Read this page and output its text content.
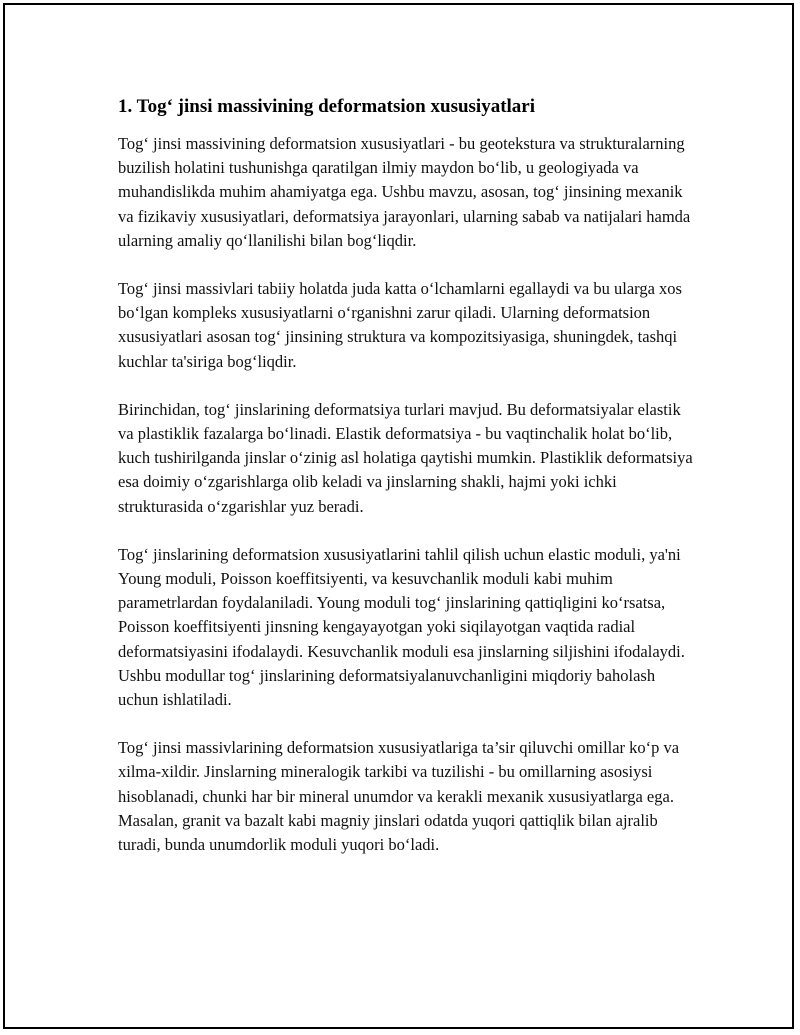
1. Tog‘ jinsi massivining deformatsion xususiyatlari

Tog‘ jinsi massivining deformatsion xususiyatlari - bu geotekstura va strukturalarning buzilish holatini tushunishga qaratilgan ilmiy maydon bo‘lib, u geologiyada va muhandislikda muhim ahamiyatga ega. Ushbu mavzu, asosan, tog‘ jinsining mexanik va fizikaviy xususiyatlari, deformatsiya jarayonlari, ularning sabab va natijalari hamda ularning amaliy qo‘llanilishi bilan bog‘liqdir.

Tog‘ jinsi massivlari tabiiy holatda juda katta o‘lchamlarni egallaydi va bu ularga xos bo‘lgan kompleks xususiyatlarni o‘rganishni zarur qiladi. Ularning deformatsion xususiyatlari asosan tog‘ jinsining struktura va kompozitsiyasiga, shuningdek, tashqi kuchlar ta'siriga bog‘liqdir.

Birinchidan, tog‘ jinslarining deformatsiya turlari mavjud. Bu deformatsiyalar elastik va plastiklik fazalarga bo‘linadi. Elastik deformatsiya - bu vaqtinchalik holat bo‘lib, kuch tushirilganda jinslar o‘zinig asl holatiga qaytishi mumkin. Plastiklik deformatsiya esa doimiy o‘zgarishlarga olib keladi va jinslarning shakli, hajmi yoki ichki strukturasida o‘zgarishlar yuz beradi.

Tog‘ jinslarining deformatsion xususiyatlarini tahlil qilish uchun elastic moduli, ya'ni Young moduli, Poisson koeffitsiyenti, va kesuvchanlik moduli kabi muhim parametrlardan foydalaniladi. Young moduli tog‘ jinslarining qattiqligini ko‘rsatsa, Poisson koeffitsiyenti jinsning kengayayotgan yoki siqilayotgan vaqtida radial deformatsiyasini ifodalaydi. Kesuvchanlik moduli esa jinslarning siljishini ifodalaydi. Ushbu modullar tog‘ jinslarining deformatsiyalanuvchanligini miqdoriy baholash uchun ishlatiladi.

Tog‘ jinsi massivlarining deformatsion xususiyatlariga ta’sir qiluvchi omillar ko‘p va xilma-xildir. Jinslarning mineralogik tarkibi va tuzilishi - bu omillarning asosiysi hisoblanadi, chunki har bir mineral unumdor va kerakli mexanik xususiyatlarga ega. Masalan, granit va bazalt kabi magniy jinslari odatda yuqori qattiqlik bilan ajralib turadi, bunda unumdorlik moduli yuqori bo‘ladi.
